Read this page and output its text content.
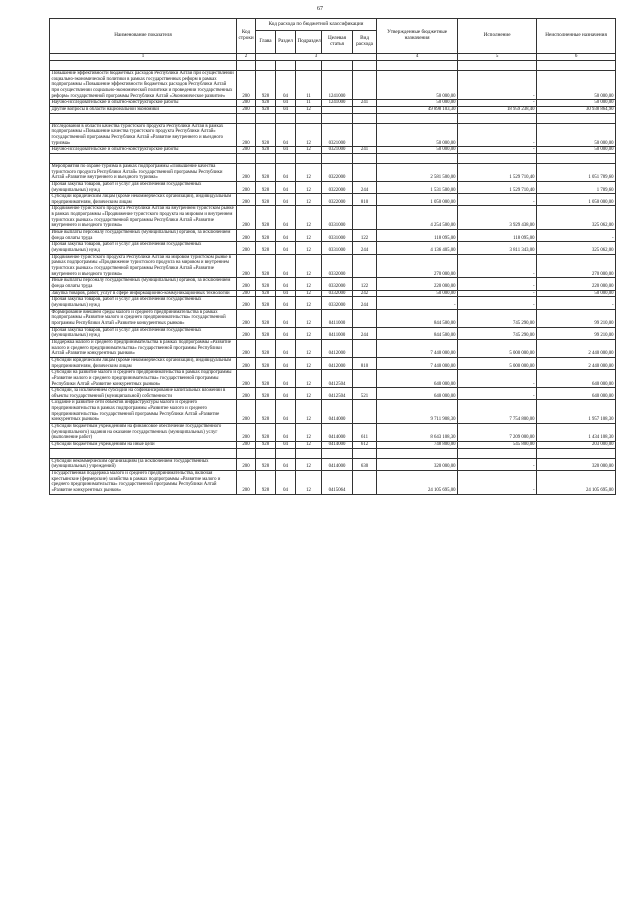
67
Наименование показателя	Код строки	Код расхода по бюджетной классификации					Утвержденные бюджетные назначения	Исполнение	Неисполненные назначения
		Глава	Раздел	Подраздел	Целевая статья	Вид расхода			
1	2	3					4	5	6

Повышение эффективности бюджетных расходов Республики Алтай при осуществлении социально-экономической политики в рамках государственных реформ в рамках подпрограммы «Повышение эффективности бюджетных расходов Республики Алтай при осуществлении социально-экономической политики и проведении государственных реформ» государственной программы Республики Алтай «Экономическое развитие»	200	928	04	11	1241000		50 000,00	-	50 000,00
Научно-исследовательские и опытно-конструкторские работы	200	928	04	11	1241000	241	50 000,00	-	50 000,00
Другие вопросы в области национальной экономики	200	928	04	12			49 898 103,30	18 959 238,40	30 938 864,90

Исследования в области качества туристского продукта Республики Алтай в рамках подпрограммы «Повышение качества туристского продукта Республики Алтай» государственной программы Республики Алтай «Развитие внутреннего и въездного туризма»	200	928	04	12	0321000		50 000,00	-	50 000,00
Научно-исследовательские и опытно-конструкторские работы	200	928	04	12	0321000	241	50 000,00	-	50 000,00

Мероприятия по охране туризма в рамках подпрограммы «Повышение качества туристского продукта Республики Алтай» государственной программы Республики Алтай «Развитие внутреннего и въездного туризма»	200	928	04	12	0322000		2 581 500,00	1 529 710,40	1 051 789,60
Прочая закупка товаров, работ и услуг для обеспечения государственных (муниципальных) нужд	200	928	04	12	0322000	244	1 531 500,00	1 529 710,40	1 789,60
Субсидии юридическим лицам (кроме некоммерческих организаций), индивидуальным предпринимателям, физическим лицам	200	928	04	12	0322000	810	1 050 000,00	-	1 050 000,00
Продвижение туристского продукта Республики Алтай на внутреннем туристском рынке в рамках подпрограммы «Продвижение туристского продукта на мировом и внутреннем туристских рынках» государственной программы Республики Алтай «Развитие внутреннего и въездного туризма»	200	928	04	12	0331000		4 254 500,00	3 929 438,00	325 062,00
Иные выплаты персоналу государственных (муниципальных) органов, за исключением фонда оплаты труда	200	928	04	12	0331000	122	118 095,00	118 095,00	-
Прочая закупка товаров, работ и услуг для обеспечения государственных (муниципальных) нужд	200	928	04	12	0331000	244	4 136 405,00	3 811 343,00	325 062,00
Продвижение туристского продукта Республики Алтай на мировом туристском рынке в рамках подпрограммы «Продвижение туристского продукта на мировом и внутреннем туристских рынках» государственной программы Республики Алтай «Развитие внутреннего и въездного туризма»	200	928	04	12	0332000		270 000,00	-	270 000,00
Иные выплаты персоналу государственных (муниципальных) органов, за исключением фонда оплаты труда	200	928	04	12	0332000	122	220 000,00	-	220 000,00
Закупка товаров, работ, услуг в сфере информационно-коммуникационных технологий	200	928	04	12	0332000	242	50 000,00	-	50 000,00
Прочая закупка товаров, работ и услуг для обеспечения государственных (муниципальных) нужд	200	928	04	12	0332000	244	-	-	-
Формирование внешней среды малого и среднего предпринимательства в рамках подпрограммы «Развитие малого и среднего предпринимательства» государственной программы Республики Алтай «Развитие конкурентных рынков»	200	928	04	12	0411000		844 500,00	745 290,00	99 210,00
Прочая закупка товаров, работ и услуг для обеспечения государственных (муниципальных) нужд	200	928	04	12	0411000	244	844 500,00	745 290,00	99 210,00
Поддержка малого и среднего предпринимательства в рамках подпрограммы «Развитие малого и среднего предпринимательства» государственной программы Республики Алтай «Развитие конкурентных рынков»	200	928	04	12	0412000		7 440 000,00	5 000 000,00	2 440 000,00
Субсидии юридическим лицам (кроме некоммерческих организаций), индивидуальным предпринимателям, физическим лицам	200	928	04	12	0412000	810	7 440 000,00	5 000 000,00	2 440 000,00
Субсидии на развитие малого и среднего предпринимательства в рамках подпрограммы «Развитие малого и среднего предпринимательства» государственной программы Республики Алтай «Развитие конкурентных рынков»	200	928	04	12	0412504		640 000,00	-	640 000,00
Субсидии, за исключением субсидий на софинансирование капитальных вложений в объекты государственной (муниципальной) собственности	200	928	04	12	0412504	521	640 000,00	-	640 000,00
Создание и развитие сети объектов инфраструктуры малого и среднего предпринимательства в рамках подпрограммы «Развитие малого и среднего предпринимательства» государственной программы Республики Алтай «Развитие конкурентных рынков»	200	928	04	12	0414000		9 711 908,30	7 754 800,00	1 957 108,30
Субсидии бюджетным учреждениям на финансовое обеспечение государственного (муниципального) задания на оказание государственных (муниципальных) услуг (выполнение работ)	200	928	04	12	0414000	611	8 643 108,30	7 209 000,00	1 434 108,30
Субсидии бюджетным учреждениям на иные цели	200	928	04	12	0414000	612	748 800,00	545 800,00	203 000,00

Субсидии некоммерческим организациям (за исключением государственных (муниципальных) учреждений)	200	928	04	12	0414000	630	320 000,00	-	320 000,00
Государственная поддержка малого и среднего предпринимательства, включая крестьянские (фермерские) хозяйства в рамках подпрограммы «Развитие малого и среднего предпринимательства» государственной программы Республики Алтай «Развитие конкурентных рынков»	200	928	04	12	0415064		24 105 695,00	-	24 105 695,00
